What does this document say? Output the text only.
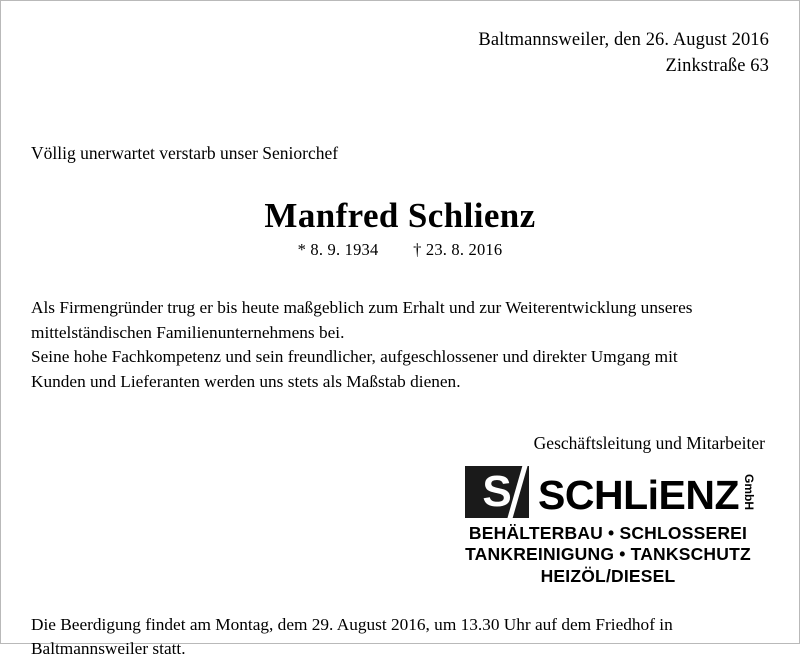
Baltmannsweiler, den 26. August 2016
Zinkstraße 63
Völlig unerwartet verstarb unser Seniorchef
Manfred Schlienz
* 8. 9. 1934 † 23. 8. 2016

Als Firmengründer trug er bis heute maßgeblich zum Erhalt und zur Weiterentwicklung unseres

mittelständischen Familienunternehmens bei.

Seine hohe Fachkompetenz und sein freundlicher, aufgeschlossener und direkter Umgang mit

Kunden und Lieferanten werden uns stets als Maßstab dienen.

Geschäftsleitung und Mitarbeiter
S SCHLiENZ GmbH
BEHÄLTERBAU • SCHLOSSEREI
TANKREINIGUNG • TANKSCHUTZ
HEIZÖL/DIESEL

Die Beerdigung findet am Montag, dem 29. August 2016, um 13.30 Uhr auf dem Friedhof in

Baltmannsweiler statt.
